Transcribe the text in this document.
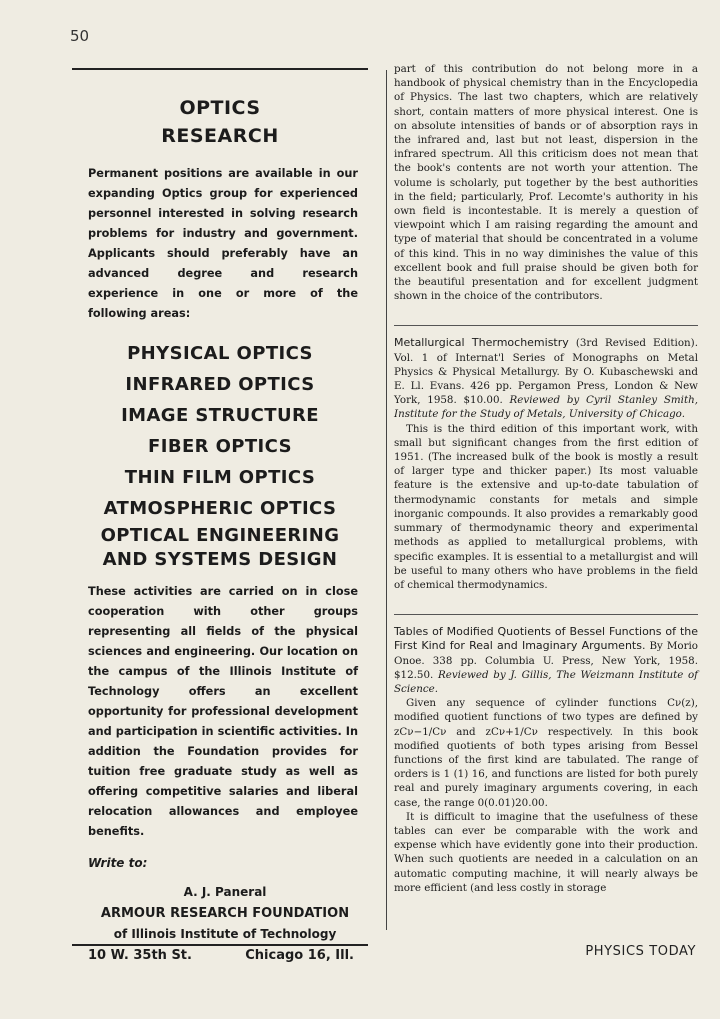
50
OPTICS
RESEARCH

Permanent positions are available in our expanding Optics group for experienced personnel interested in solving research problems for industry and government. Applicants should preferably have an advanced degree and research experience in one or more of the following areas:

PHYSICAL OPTICS
INFRARED OPTICS
IMAGE STRUCTURE
FIBER OPTICS
THIN FILM OPTICS
ATMOSPHERIC OPTICS
OPTICAL ENGINEERING
AND SYSTEMS DESIGN

These activities are carried on in close cooperation with other groups representing all fields of the physical sciences and engineering. Our location on the campus of the Illinois Institute of Technology offers an excellent opportunity for professional development and participation in scientific activities. In addition the Foundation provides for tuition free graduate study as well as offering competitive salaries and liberal relocation allowances and employee benefits.

Write to:
A. J. Paneral
ARMOUR RESEARCH FOUNDATION
of Illinois Institute of Technology
10 W. 35th St.	Chicago 16, Ill.

part of this contribution do not belong more in a handbook of physical chemistry than in the Encyclopedia of Physics. The last two chapters, which are relatively short, contain matters of more physical interest. One is on absolute intensities of bands or of absorption rays in the infrared and, last but not least, dispersion in the infrared spectrum. All this criticism does not mean that the book's contents are not worth your attention. The volume is scholarly, put together by the best authorities in the field; particularly, Prof. Lecomte's authority in his own field is incontestable. It is merely a question of viewpoint which I am raising regarding the amount and type of material that should be concentrated in a volume of this kind. This in no way diminishes the value of this excellent book and full praise should be given both for the beautiful presentation and for excellent judgment shown in the choice of the contributors.

Metallurgical Thermochemistry (3rd Revised Edition). Vol. 1 of Internat'l Series of Monographs on Metal Physics & Physical Metallurgy. By O. Kubaschewski and E. Ll. Evans. 426 pp. Pergamon Press, London & New York, 1958. $10.00. Reviewed by Cyril Stanley Smith, Institute for the Study of Metals, University of Chicago.

This is the third edition of this important work, with small but significant changes from the first edition of 1951. (The increased bulk of the book is mostly a result of larger type and thicker paper.) Its most valuable feature is the extensive and up-to-date tabulation of thermodynamic constants for metals and simple inorganic compounds. It also provides a remarkably good summary of thermodynamic theory and experimental methods as applied to metallurgical problems, with specific examples. It is essential to a metallurgist and will be useful to many others who have problems in the field of chemical thermodynamics.

Tables of Modified Quotients of Bessel Functions of the First Kind for Real and Imaginary Arguments. By Morio Onoe. 338 pp. Columbia U. Press, New York, 1958. $12.50. Reviewed by J. Gillis, The Weizmann Institute of Science.

Given any sequence of cylinder functions Cν(z), modified quotient functions of two types are defined by zCν−1/Cν and zCν+1/Cν respectively. In this book modified quotients of both types arising from Bessel functions of the first kind are tabulated. The range of orders is 1 (1) 16, and functions are listed for both purely real and purely imaginary arguments covering, in each case, the range 0(0.01)20.00.

It is difficult to imagine that the usefulness of these tables can ever be comparable with the work and expense which have evidently gone into their production. When such quotients are needed in a calculation on an automatic computing machine, it will nearly always be more efficient (and less costly in storage

PHYSICS TODAY
